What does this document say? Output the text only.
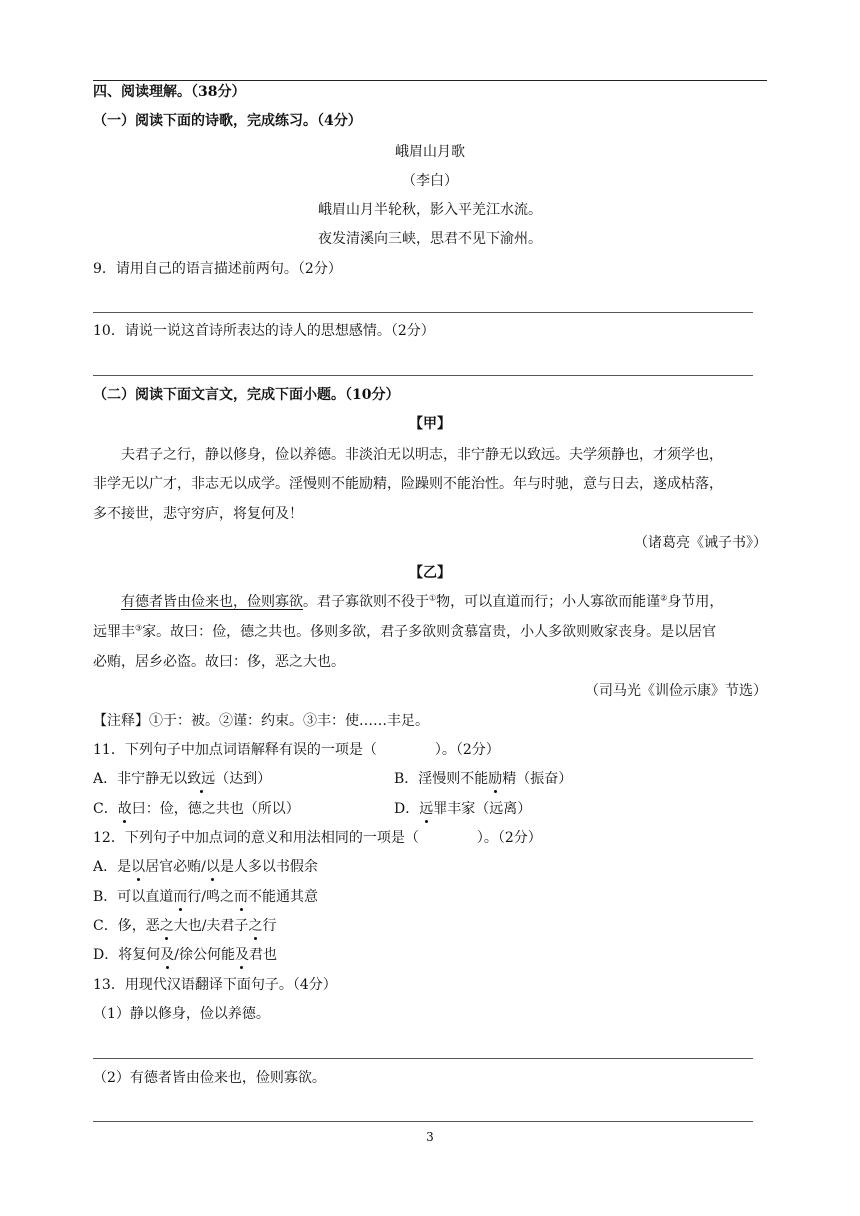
四、阅读理解。（38分）
（一）阅读下面的诗歌，完成练习。（4分）
峨眉山月歌
（李白）
峨眉山月半轮秋，影入平羌江水流。
夜发清溪向三峡，思君不见下渝州。
9．请用自己的语言描述前两句。（2分）
10．请说一说这首诗所表达的诗人的思想感情。（2分）
（二）阅读下面文言文，完成下面小题。（10分）
【甲】
夫君子之行，静以修身，俭以养德。非淡泊无以明志，非宁静无以致远。夫学须静也，才须学也，
非学无以广才，非志无以成学。淫慢则不能励精，险躁则不能治性。年与时驰，意与日去，遂成枯落，
多不接世，悲守穷庐，将复何及！
（诸葛亮《诫子书》）
【乙】
有德者皆由俭来也，俭则寡欲。君子寡欲则不役于①物，可以直道而行；小人寡欲而能谨②身节用，
远罪丰③家。故曰：俭，德之共也。侈则多欲，君子多欲则贪慕富贵，小人多欲则败家丧身。是以居官
必贿，居乡必盗。故曰：侈，恶之大也。
（司马光《训俭示康》节选）
【注释】①于：被。②谨：约束。③丰：使……丰足。
11．下列句子中加点词语解释有误的一项是（	）。（2分）
A．非宁静无以致远（达到）	B．淫慢则不能励精（振奋）
C．故曰：俭，德之共也（所以）	D．远罪丰家（远离）
12．下列句子中加点词的意义和用法相同的一项是（	）。（2分）
A．是以居官必贿/以是人多以书假余
B．可以直道而行/鸣之而不能通其意
C．侈，恶之大也/夫君子之行
D．将复何及/徐公何能及君也
13．用现代汉语翻译下面句子。（4分）
（1）静以修身，俭以养德。
（2）有德者皆由俭来也，俭则寡欲。
3
